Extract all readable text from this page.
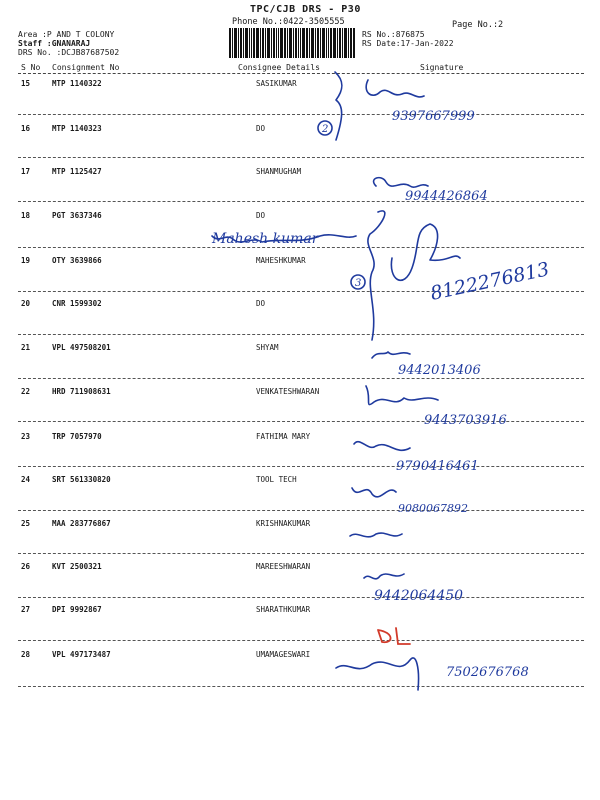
TPC/CJB DRS - P30
Phone No.:0422-3505555	Page No.:2
Area :P AND T COLONY
Staff :GNANARAJ
DRS No. :DCJB87687502
RS No.:876875
RS Date:17-Jan-2022
S No Consignment No	Consignee Details	Signature
15	MTP 1140322	SASIKUMAR
16	MTP 1140323	DO
17	MTP 1125427	SHANMUGHAM
18	PGT 3637346	DO
19	OTY 3639866	MAHESHKUMAR
20	CNR 1599302	DO
21	VPL 497508201	SHYAM
22	HRD 711908631	VENKATESHWARAN
23	TRP 7057970	FATHIMA MARY
24	SRT 561330820	TOOL TECH
25	MAA 283776867	KRISHNAKUMAR
26	KVT 2500321	MAREESHWARAN
27	DPI 9992867	SHARATHKUMAR
28	VPL 497173487	UMAMAGESWARI
9397667999
9944426864
8122276813
9442013406
9443703916
9790416461
9080067892
9442064450
7502676768
Mahesh kumar
2
3
